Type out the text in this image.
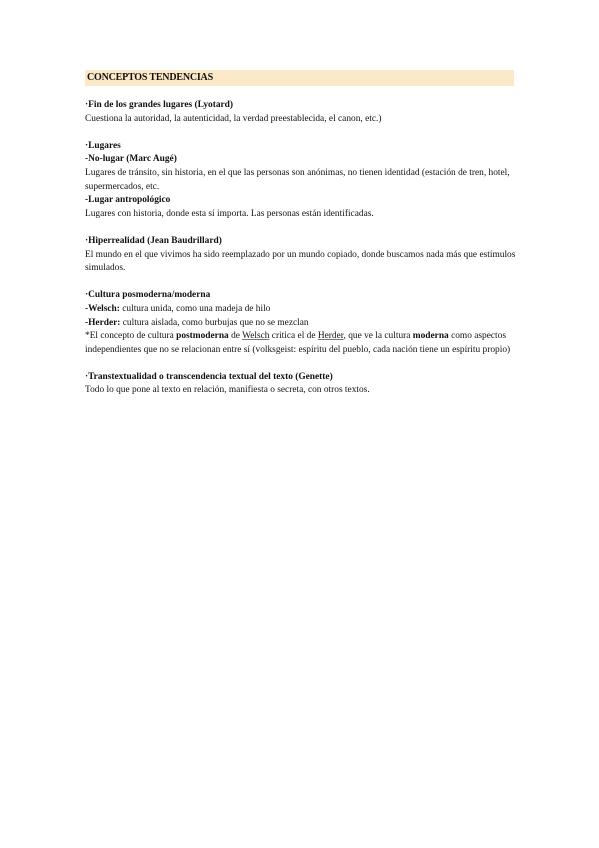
CONCEPTOS TENDENCIAS
·Fin de los grandes lugares (Lyotard)
Cuestiona la autoridad, la autenticidad, la verdad preestablecida, el canon, etc.)
·Lugares
-No-lugar (Marc Augé)
Lugares de tránsito, sin historia, en el que las personas son anónimas, no tienen identidad (estación de tren, hotel, supermercados, etc.
-Lugar antropológico
Lugares con historia, donde esta sí importa. Las personas están identificadas.
·Hiperrealidad (Jean Baudrillard)
El mundo en el que vivimos ha sido reemplazado por un mundo copiado, donde buscamos nada más que estímulos simulados.
·Cultura posmoderna/moderna
-Welsch: cultura unida, como una madeja de hilo
-Herder: cultura aislada, como burbujas que no se mezclan
*El concepto de cultura postmoderna de Welsch critica el de Herder, que ve la cultura moderna como aspectos independientes que no se relacionan entre sí (volksgeist: espíritu del pueblo, cada nación tiene un espíritu propio)
·Transtextualidad o transcendencia textual del texto (Genette)
Todo lo que pone al texto en relación, manifiesta o secreta, con otros textos.
